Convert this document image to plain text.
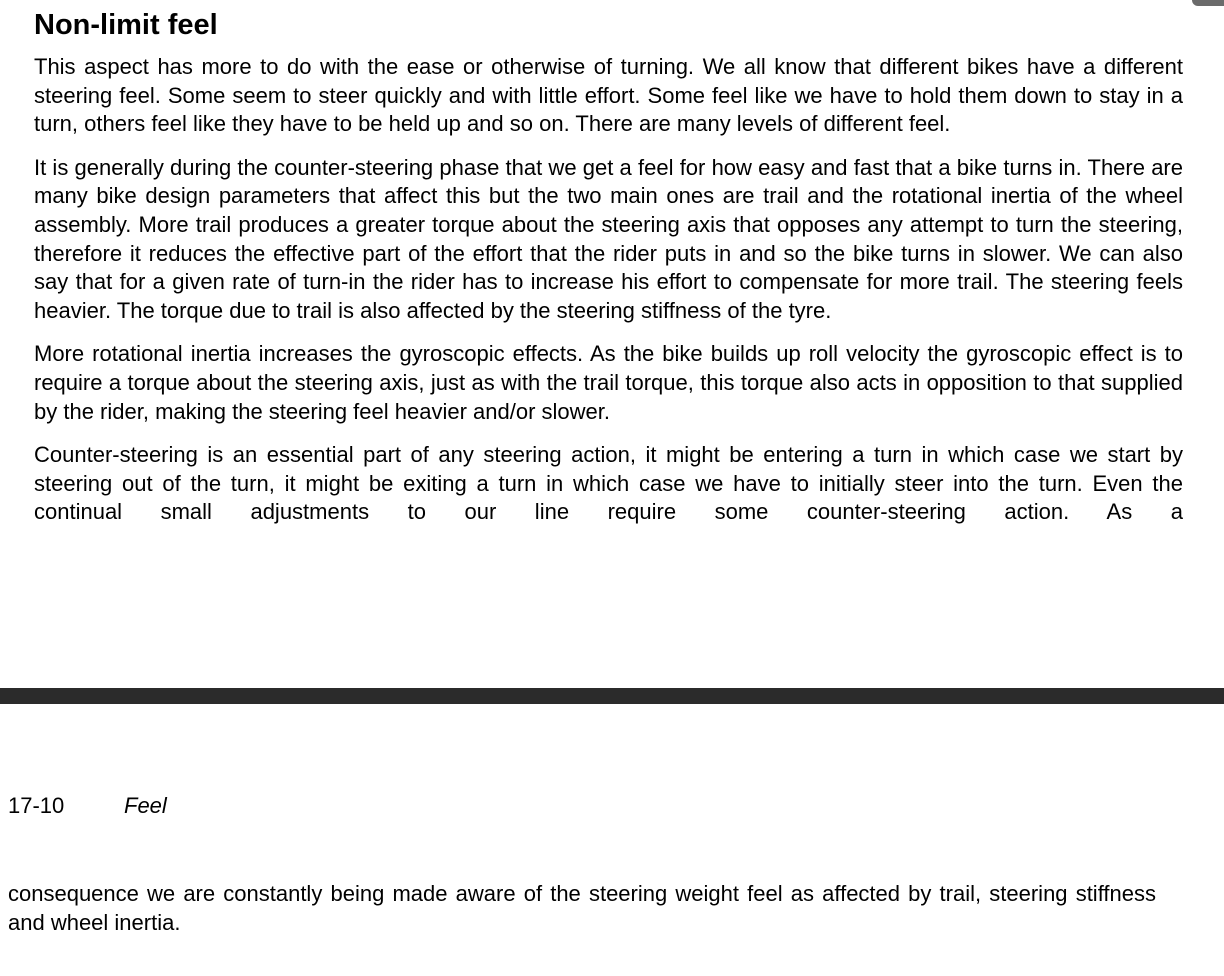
Non-limit feel

This aspect has more to do with the ease or otherwise of turning. We all know that different bikes have a different steering feel. Some seem to steer quickly and with little effort. Some feel like we have to hold them down to stay in a turn, others feel like they have to be held up and so on. There are many levels of different feel.

It is generally during the counter-steering phase that we get a feel for how easy and fast that a bike turns in. There are many bike design parameters that affect this but the two main ones are trail and the rotational inertia of the wheel assembly. More trail produces a greater torque about the steering axis that opposes any attempt to turn the steering, therefore it reduces the effective part of the effort that the rider puts in and so the bike turns in slower. We can also say that for a given rate of turn-in the rider has to increase his effort to compensate for more trail. The steering feels heavier. The torque due to trail is also affected by the steering stiffness of the tyre.

More rotational inertia increases the gyroscopic effects. As the bike builds up roll velocity the gyroscopic effect is to require a torque about the steering axis, just as with the trail torque, this torque also acts in opposition to that supplied by the rider, making the steering feel heavier and/or slower.

Counter-steering is an essential part of any steering action, it might be entering a turn in which case we start by steering out of the turn, it might be exiting a turn in which case we have to initially steer into the turn. Even the continual small adjustments to our line require some counter-steering action. As a

17-10	Feel

consequence we are constantly being made aware of the steering weight feel as affected by trail, steering stiffness and wheel inertia.
